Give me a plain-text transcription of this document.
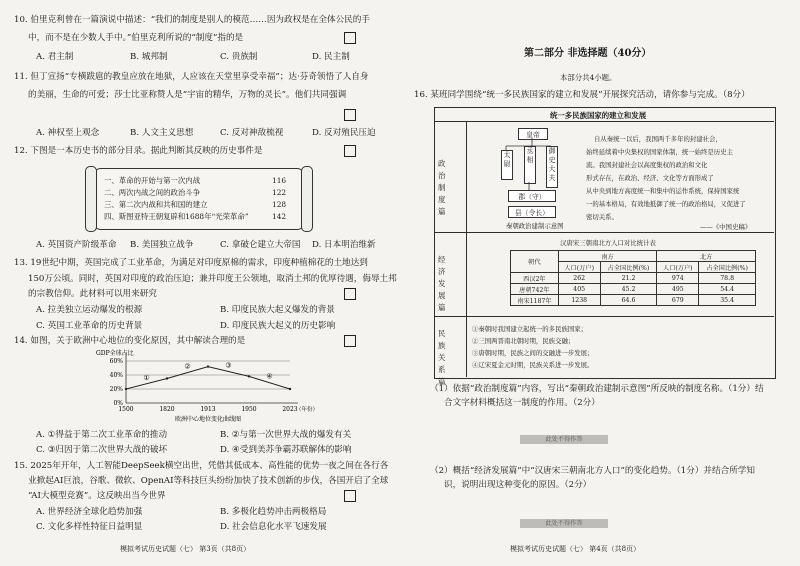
10. 伯里克利曾在一篇演说中描述：“我们的制度是别人的模范……因为政权是在全体公民的手
中，而不是在少数人手中。”伯里克利所说的“制度”指的是
A. 君主制	B. 城邦制	C. 贵族制	D. 民主制
11. 但丁宣扬“专横跋扈的教皇应放在地狱，人应该在天堂里享受幸福”；达·芬奇领悟了人自身
的美丽，生命的可爱；莎士比亚称赞人是“宇宙的精华，万物的灵长”。他们共同强调
A. 神权至上观念	B. 人文主义思想	C. 反对神敌梳视	D. 反对殖民压迫
12. 下图是一本历史书的部分目录。据此判断其反映的历史事件是
一、革命的开始与第一次内战	116
二、两次内战之间的政治斗争	122
三、第二次内战和共和国的建立	128
四、斯图亚特王朝复辟和1688年“光荣革命”	142
A. 英国资产阶级革命 B. 美国独立战争	C. 拿破仑建立大帝国 D. 日本明治维新
13. 19世纪中期，英国完成了工业革命，为满足对印度原棉的需求，印度种植棉花的土地达到
150万公顷。同时，英国对印度的政治压迫；兼并印度王公领地，取消土邦的优厚待遇，侮辱土邦
的宗教信仰。此材料可以用来研究
A. 拉美独立运动爆发的根源	B. 印度民族大起义爆发的背景
C. 英国工业革命的历史背景	D. 印度民族大起义的历史影响
14. 如图，关于欧洲中心地位的变化原因，其中解读合理的是
0%
20%
40%
60%
GDP全球占比
1500	1820	1913	1950	2023
（年份）
①
②	③
④
欧洲中心地位变化曲线图
A. ①得益于第二次工业革命的推动	B. ②与第一次世界大战的爆发有关
C. ③归因于第二次世界大战的破坏	D. ④受到美苏争霸苏联解体的影响
15. 2025年开年，人工智能DeepSeek横空出世，凭借其低成本、高性能的优势一夜之间在各行各
业掀起AI巨浪，谷歌、微软、OpenAI等科技巨头纷纷加快了技术创新的步伐，各国开启了全球
“AI大模型竞赛”。这反映出当今世界
A. 世界经济全球化趋势加强	B. 多极化趋势冲击两极格局
C. 文化多样性特征日益明显	D. 社会信息化水平飞速发展
模拟考试历史试题（七） 第3页（共8页）
第二部分 非选择题（40分）
本部分共4小题。
16. 某班同学围绕“统一多民族国家的建立和发展”开展探究活动，请你参与完成。（8分）
统一多民族国家的建立和发展
政治制度篇
经济发展篇
民族关系篇
皇帝
太尉
丞相
御史大夫
郡（守）
县（令长）
秦朝政治建制示意图
自从秦统一以后，我国两千多年的封建社会，
始终延续着中央集权的国家体制，统一始终是历史主
流。我国封建社会以高度集权的政治和文化
形式存在，在政治、经济、文化等方面形成了
从中央到地方高度统一和集中的运作系统，保持国家统
一的基本格局，有效地抵御了统一的政治格局，又促进了
密切关系。
——《中国史稿》
汉唐宋三朝南北方人口对比统计表
朝代	南方		北方	
	人口(万户)	占全国比例(%)	人口(万户)	占全国比例(%)
西汉2年	262	21.2	974	78.8
唐朝742年	405	45.2	495	54.4
南宋1187年	1238	64.6	679	35.4
①秦朝时我国建立起统一的多民族国家；
②三国两晋南北朝时期，民族交融；
③唐朝时期，民族之间的交融进一步发展；
④辽宋夏金元时期，民族关系进一步发展。
（1）依据“政治制度篇”内容，写出“秦朝政治建制示意图”所反映的制度名称。（1分）结
合文字材料概括这一制度的作用。（2分）
此处不得作答
（2）概括“经济发展篇”中“汉唐宋三朝南北方人口”的变化趋势。（1分）并结合所学知
识，说明出现这种变化的原因。（2分）
此处不得作答
模拟考试历史试题（七） 第4页（共8页）
